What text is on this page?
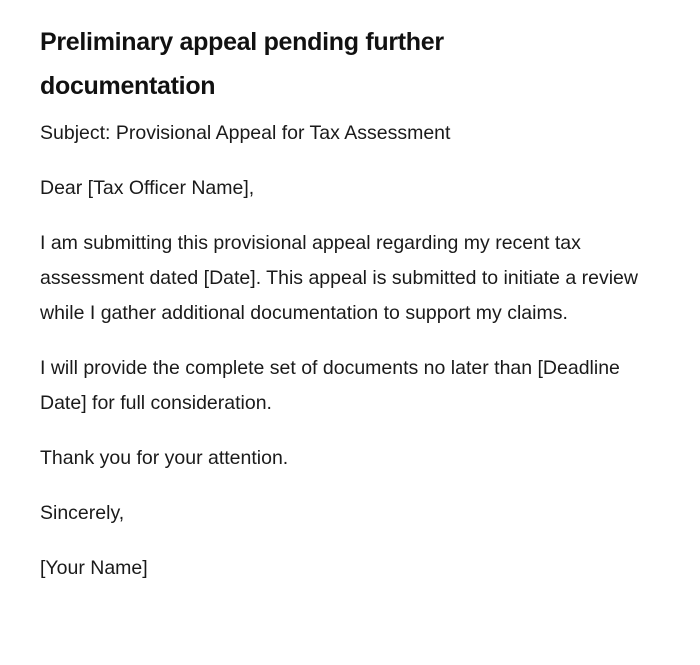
Preliminary appeal pending further documentation

Subject: Provisional Appeal for Tax Assessment

Dear [Tax Officer Name],

I am submitting this provisional appeal regarding my recent tax assessment dated [Date]. This appeal is submitted to initiate a review while I gather additional documentation to support my claims.

I will provide the complete set of documents no later than [Deadline Date] for full consideration.

Thank you for your attention.

Sincerely,

[Your Name]
